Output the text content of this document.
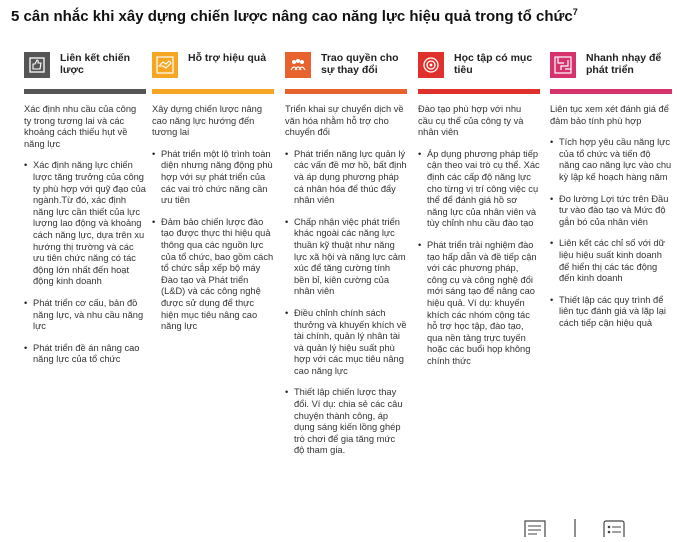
5 cân nhắc khi xây dựng chiến lược nâng cao năng lực hiệu quả trong tổ chức$^7$
Liên kết chiến lược
Xác định nhu cầu của công ty trong tương lai và các khoảng cách thiếu hụt về năng lực
• Xác định năng lực chiến lược tăng trưởng của công ty phù hợp với quỹ đạo của ngành.Từ đó, xác định năng lực cần thiết của lực lượng lao động và khoảng cách năng lực, dựa trên xu hướng thị trường và các ưu tiên chức năng có tác động lớn nhất đến hoạt động kinh doanh
• Phát triển cơ cấu, bản đồ năng lực, và nhu cầu năng lực
• Phát triển đề án nâng cao năng lực của tổ chức
Hỗ trợ hiệu quả
Xây dựng chiến lược nâng cao năng lực hướng đến tương lai
• Phát triển một lộ trình toàn diện nhưng năng động phù hợp với sự phát triển của các vai trò chức năng cần ưu tiên
• Đảm bảo chiến lược đào tạo được thực thi hiệu quả thông qua các nguồn lực của tổ chức, bao gồm cách tổ chức sắp xếp bộ máy Đào tạo và Phát triển (L&D) và các công nghệ được sử dụng để thực hiện mục tiêu nâng cao năng lực
Trao quyền cho sự thay đổi
Triển khai sự chuyển dịch về văn hóa nhằm hỗ trợ cho chuyển đổi
• Phát triển năng lực quản lý các vấn đề mơ hồ, bất định và áp dụng phương pháp cá nhân hóa để thúc đẩy nhân viên
• Chấp nhận việc phát triển khác ngoài các năng lực thuần kỹ thuật như năng lực xã hội và năng lực cảm xúc để tăng cường tính bền bỉ, kiên cường của nhân viên
• Điều chỉnh chính sách thưởng và khuyến khích về tài chính, quản lý nhân tài và quản lý hiệu suất phù hợp với các mục tiêu nâng cao năng lực
• Thiết lập chiến lược thay đổi. Ví dụ: chia sẻ các câu chuyện thành công, áp dụng sáng kiến lồng ghép trò chơi để gia tăng mức độ tham gia.
Học tập có mục tiêu
Đào tạo phù hợp với nhu cầu cụ thể của công ty và nhân viên
• Áp dụng phương pháp tiếp cận theo vai trò cụ thể. Xác định các cấp độ năng lực cho từng vị trí công việc cụ thể để đánh giá hồ sơ năng lực của nhân viên và tùy chỉnh nhu cầu đào tạo
• Phát triển trải nghiệm đào tạo hấp dẫn và đề tiếp cận với các phương pháp, công cụ và công nghệ đổi mới sáng tạo để nâng cao hiệu quả. Ví dụ: khuyến khích các nhóm cộng tác hỗ trợ học tập, đào tạo, qua nền tảng trực tuyến hoặc các buổi họp không chính thức
Nhanh nhạy để phát triển
Liên tục xem xét đánh giá để đảm bảo tính phù hợp
• Tích hợp yêu cầu năng lực của tổ chức và tiến độ năng cao năng lực vào chu kỳ lập kế hoạch hàng năm
• Đo lường Lợi tức trên Đầu tư vào đào tạo và Mức độ gắn bó của nhân viên
• Liên kết các chỉ số với dữ liệu hiệu suất kinh doanh để hiển thị các tác động đến kinh doanh
• Thiết lập các quy trình để liên tục đánh giá và lặp lại cách tiếp cận hiệu quả
